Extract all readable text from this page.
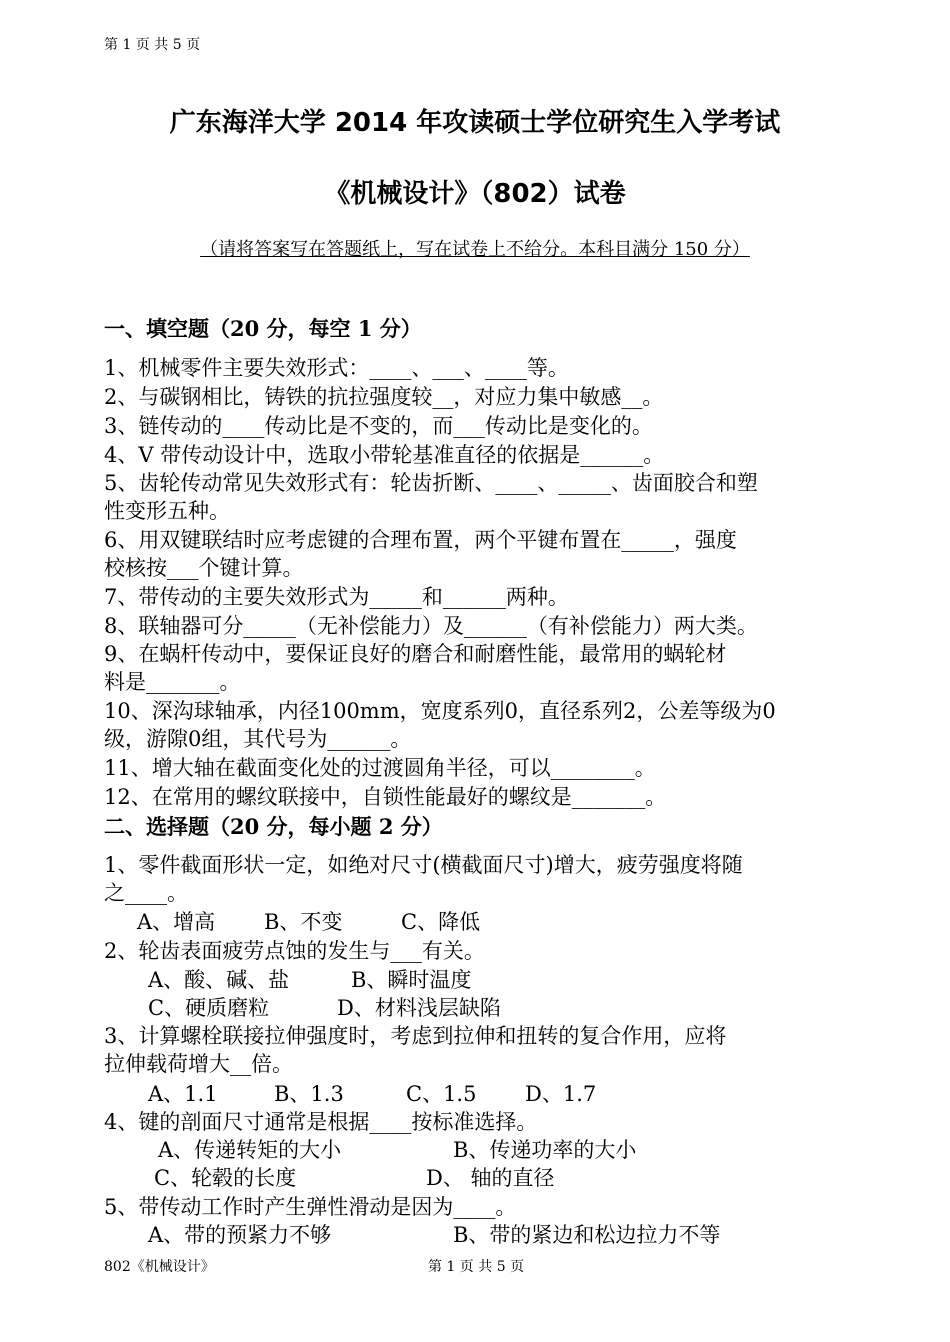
第 1 页 共 5 页
广东海洋大学 2014 年攻读硕士学位研究生入学考试
《机械设计》（802）试卷
（请将答案写在答题纸上，写在试卷上不给分。本科目满分 150 分）
一、填空题（20 分，每空 1 分）
1、机械零件主要失效形式：____、___、____等。
2、与碳钢相比，铸铁的抗拉强度较__，对应力集中敏感__。
3、链传动的____传动比是不变的，而___传动比是变化的。
4、V 带传动设计中，选取小带轮基准直径的依据是______。
5、齿轮传动常见失效形式有：轮齿折断、____、_____、齿面胶合和塑
性变形五种。
6、用双键联结时应考虑键的合理布置，两个平键布置在_____，强度
校核按___个键计算。
7、带传动的主要失效形式为_____和______两种。
8、联轴器可分_____（无补偿能力）及______（有补偿能力）两大类。
9、在蜗杆传动中，要保证良好的磨合和耐磨性能，最常用的蜗轮材
料是_______。
10、深沟球轴承，内径100mm，宽度系列0，直径系列2，公差等级为0
级，游隙0组，其代号为______。
11、增大轴在截面变化处的过渡圆角半径，可以________。
12、在常用的螺纹联接中，自锁性能最好的螺纹是_______。
二、选择题（20 分，每小题 2 分）
1、零件截面形状一定，如绝对尺寸(横截面尺寸)增大，疲劳强度将随
之____。
A、增高 B、不变	C、降低
2、轮齿表面疲劳点蚀的发生与___有关。
A、酸、碱、盐	B、瞬时温度
C、硬质磨粒	D、材料浅层缺陷
3、计算螺栓联接拉伸强度时，考虑到拉伸和扭转的复合作用，应将
拉伸载荷增大__倍。
A、1.1	B、1.3	C、1.5 D、1.7
4、键的剖面尺寸通常是根据____按标准选择。
A、传递转矩的大小	B、传递功率的大小
C、轮毂的长度	D、 轴的直径
5、带传动工作时产生弹性滑动是因为____。
A、带的预紧力不够	B、带的紧边和松边拉力不等
802《机械设计》	第 1 页 共 5 页
